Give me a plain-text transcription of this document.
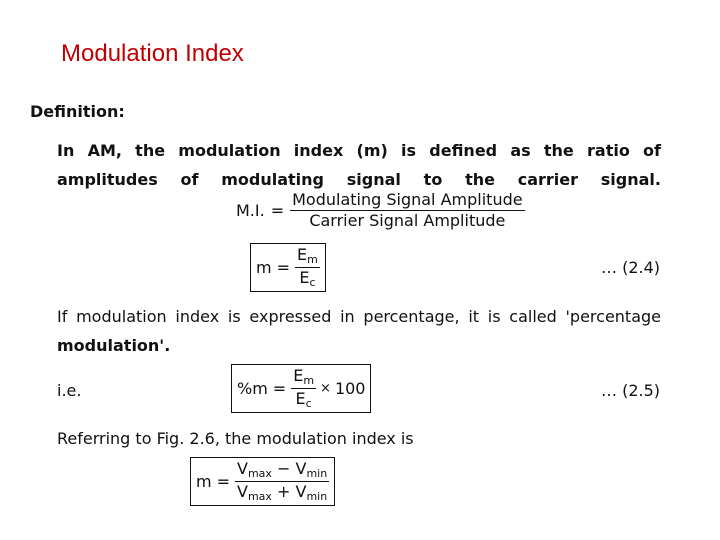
Modulation Index
Definition:
In AM, the modulation index (m) is defined as the ratio of amplitudes of modulating signal to the carrier signal.
M.I. = $\frac{\text{Modulating Signal Amplitude}}{\text{Carrier Signal Amplitude}}$
$m = \frac{E_m}{E_c}$	… (2.4)
If modulation index is expressed in percentage, it is called 'percentage
modulation'.
i.e.	$\%m = \frac{E_m}{E_c} \times 100$	… (2.5)
Referring to Fig. 2.6, the modulation index is
$m = \frac{V_{max} - V_{min}}{V_{max} + V_{min}}$
